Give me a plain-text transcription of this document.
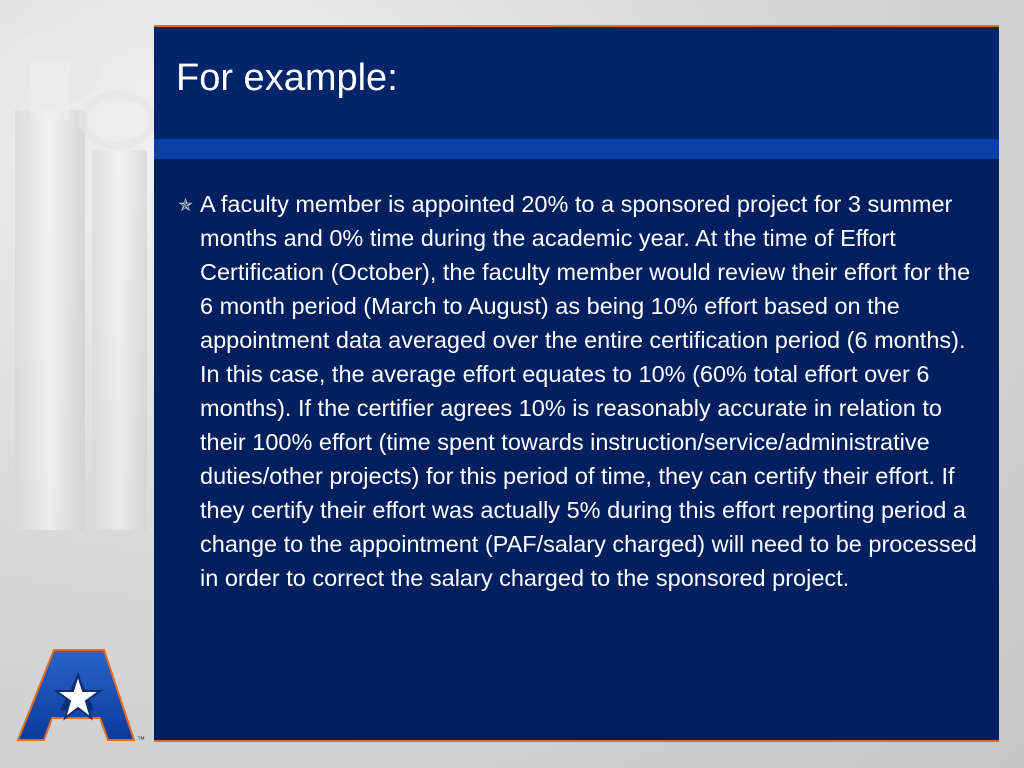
For example:
✯ A faculty member is appointed 20% to a sponsored project for 3 summer months and 0% time during the academic year. At the time of Effort Certification (October), the faculty member would review their effort for the 6 month period (March to August) as being 10% effort based on the appointment data averaged over the entire certification period (6 months). In this case, the average effort equates to 10% (60% total effort over 6 months). If the certifier agrees 10% is reasonably accurate in relation to their 100% effort (time spent towards instruction/service/administrative duties/other projects) for this period of time, they can certify their effort. If they certify their effort was actually 5% during this effort reporting period a change to the appointment (PAF/salary charged) will need to be processed in order to correct the salary charged to the sponsored project.
™
